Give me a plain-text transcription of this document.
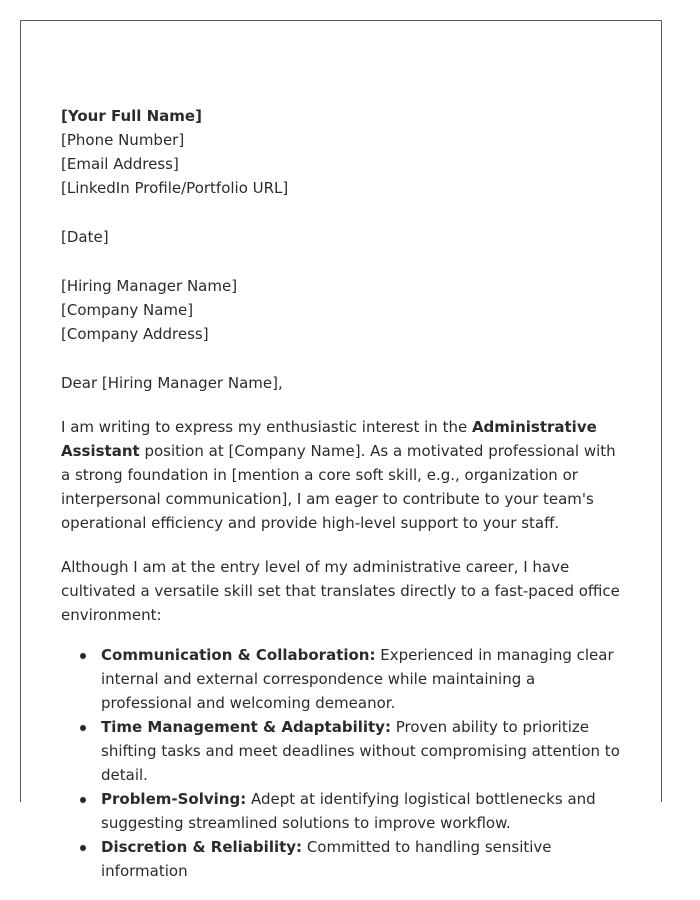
[Your Full Name]
[Phone Number]
[Email Address]
[LinkedIn Profile/Portfolio URL]
[Date]
[Hiring Manager Name]
[Company Name]
[Company Address]
Dear [Hiring Manager Name],

I am writing to express my enthusiastic interest in the Administrative Assistant position at [Company Name]. As a motivated professional with a strong foundation in [mention a core soft skill, e.g., organization or interpersonal communication], I am eager to contribute to your team's operational efficiency and provide high-level support to your staff.

Although I am at the entry level of my administrative career, I have cultivated a versatile skill set that translates directly to a fast-paced office environment:

Communication & Collaboration: Experienced in managing clear internal and external correspondence while maintaining a professional and welcoming demeanor.
Time Management & Adaptability: Proven ability to prioritize shifting tasks and meet deadlines without compromising attention to detail.
Problem-Solving: Adept at identifying logistical bottlenecks and suggesting streamlined solutions to improve workflow.
Discretion & Reliability: Committed to handling sensitive information
